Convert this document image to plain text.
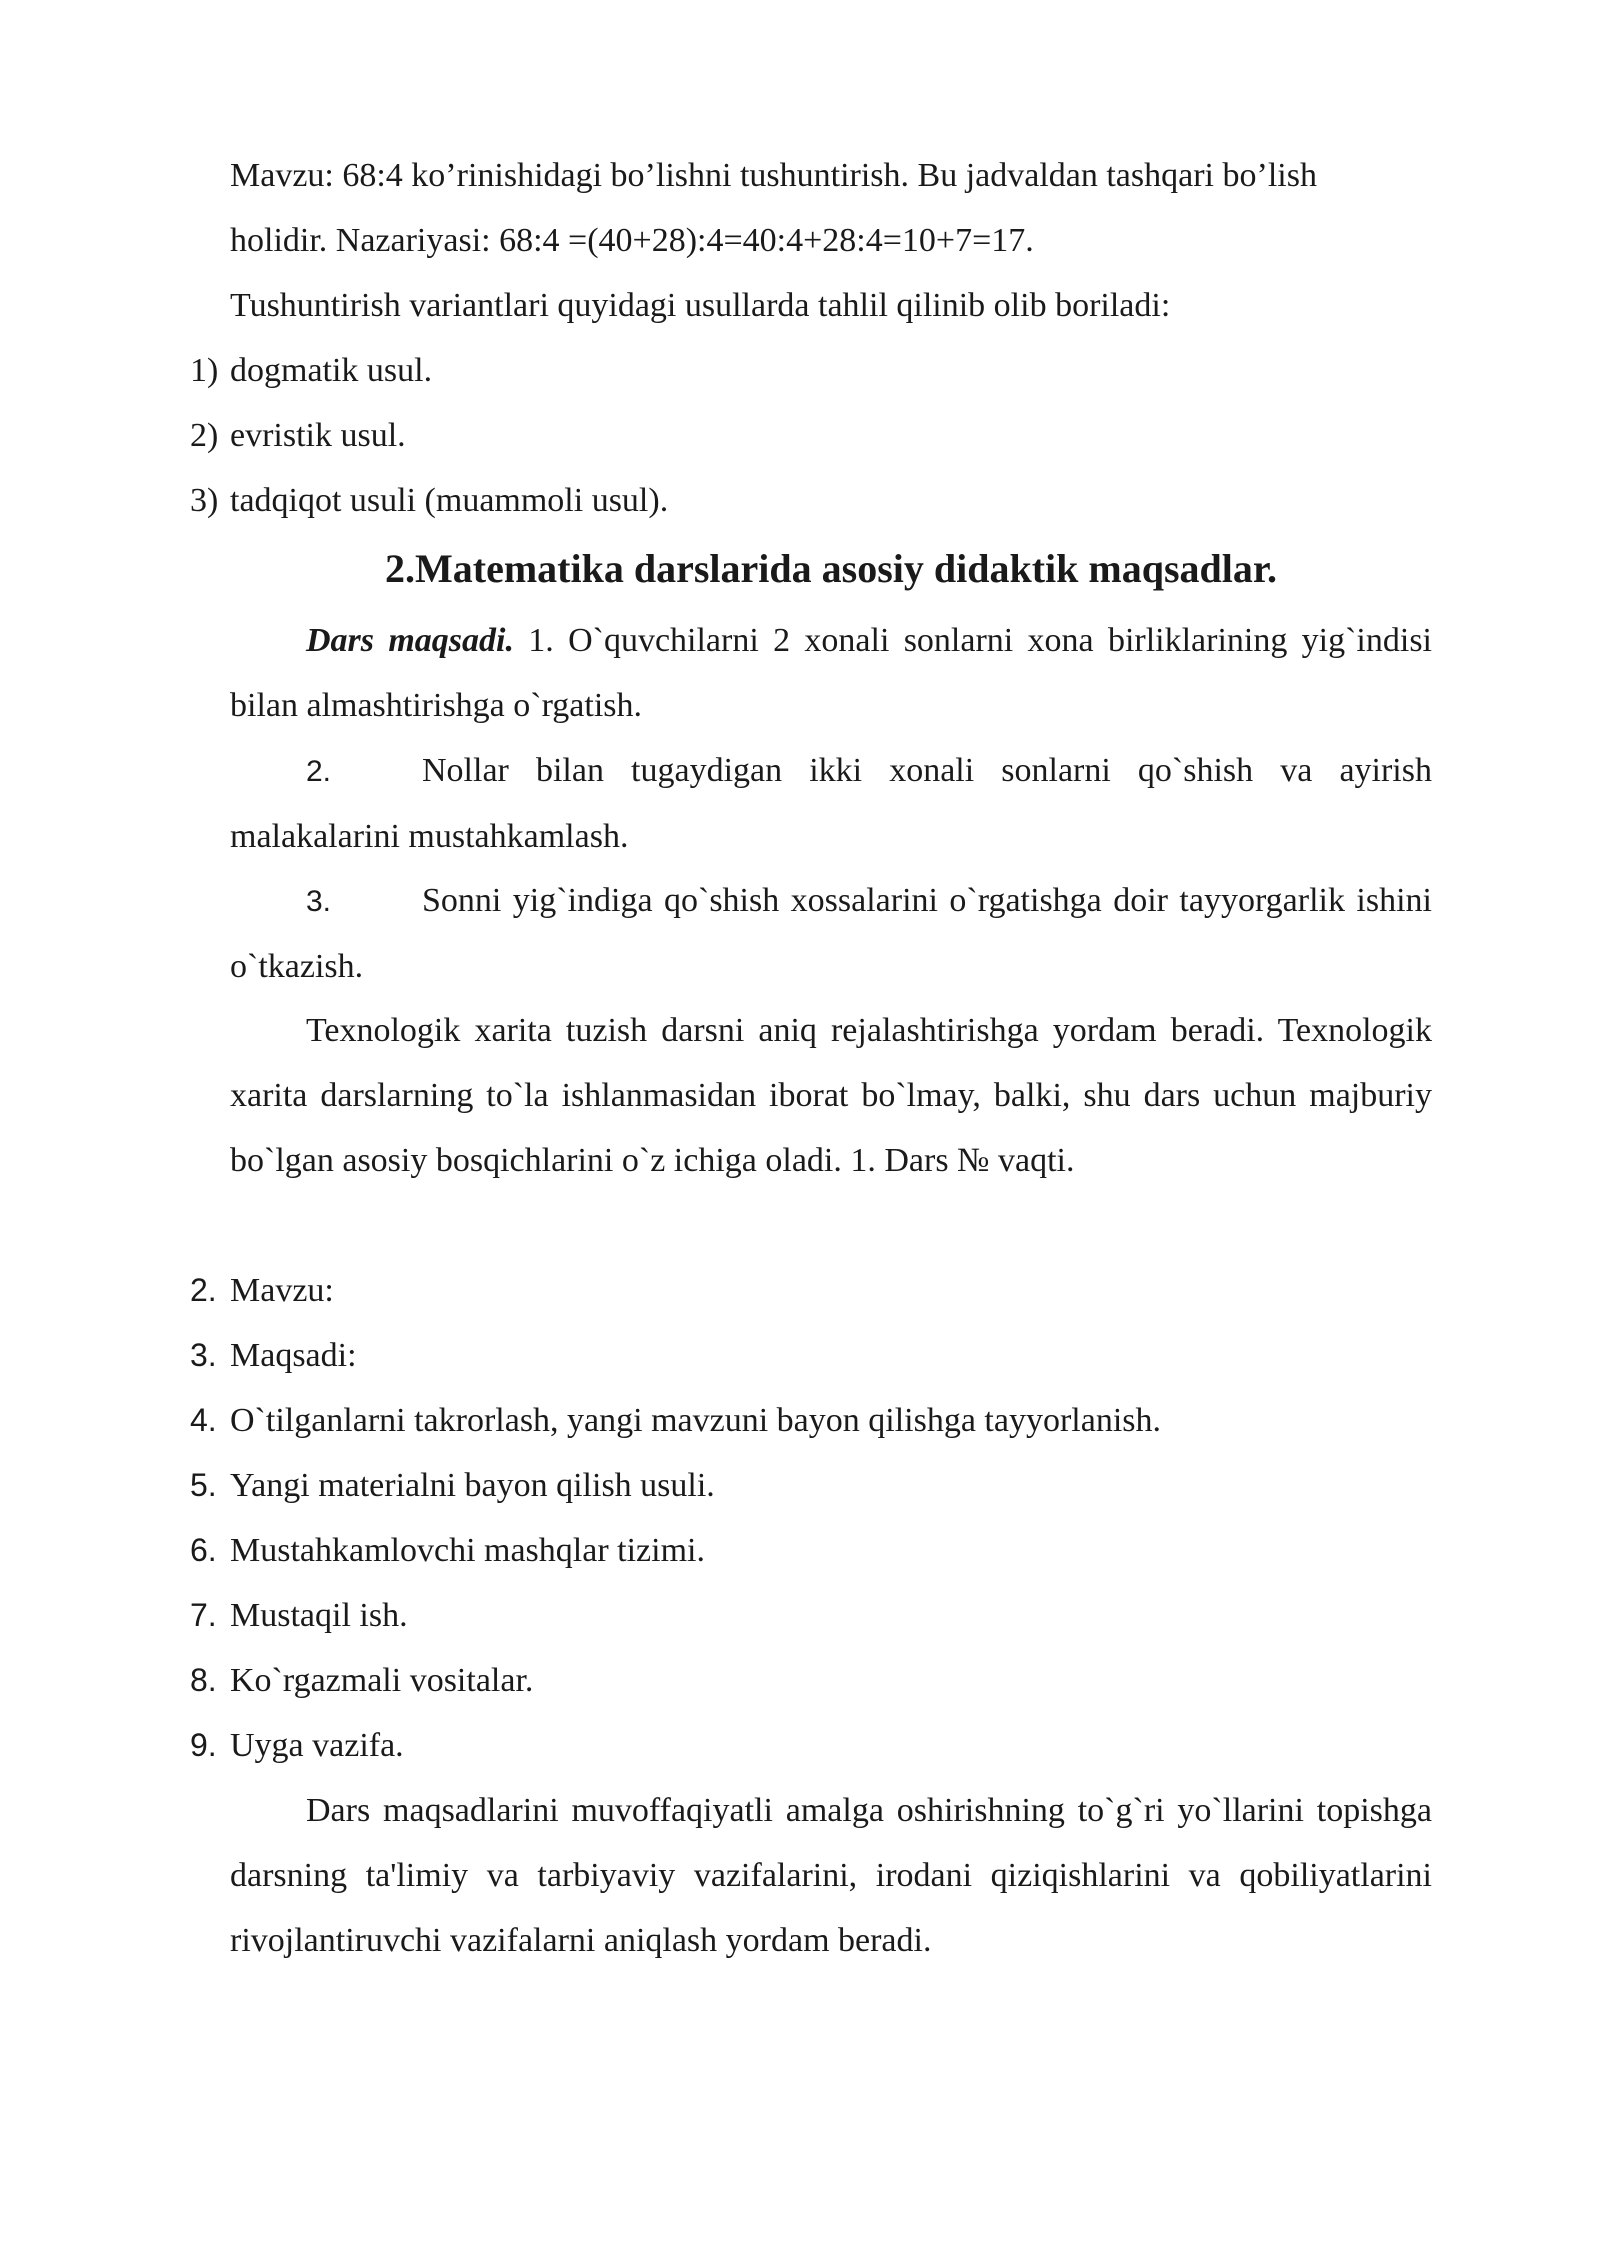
Mavzu: 68:4 ko’rinishidagi bo’lishni tushuntirish. Bu jadvaldan tashqari bo’lish
holidir. Nazariyasi: 68:4 =(40+28):4=40:4+28:4=10+7=17.
Tushuntirish variantlari quyidagi usullarda tahlil qilinib olib boriladi:
1) dogmatik usul.
2) evristik usul.
3) tadqiqot usuli (muammoli usul).
2.Matematika darslarida asosiy didaktik maqsadlar.

Dars maqsadi. 1. O`quvchilarni 2 xonali sonlarni xona birliklarining yig`indisi bilan almashtirishga o`rgatish.

2.	Nollar bilan tugaydigan ikki xonali sonlarni qo`shish va ayirish malakalarini mustahkamlash.

3.	Sonni yig`indiga qo`shish xossalarini o`rgatishga doir tayyorgarlik ishini o`tkazish.

Texnologik xarita tuzish darsni aniq rejalashtirishga yordam beradi. Texnologik xarita darslarning to`la ishlanmasidan iborat bo`lmay, balki, shu dars uchun majburiy bo`lgan asosiy bosqichlarini o`z ichiga oladi. 1. Dars № vaqti.

2. Mavzu:
3. Maqsadi:
4. O`tilganlarni takrorlash, yangi mavzuni bayon qilishga tayyorlanish.
5. Yangi materialni bayon qilish usuli.
6. Mustahkamlovchi mashqlar tizimi.
7. Mustaqil ish.
8. Ko`rgazmali vositalar.
9. Uyga vazifa.

Dars maqsadlarini muvoffaqiyatli amalga oshirishning to`g`ri yo`llarini topishga darsning ta'limiy va tarbiyaviy vazifalarini, irodani qiziqishlarini va qobiliyatlarini rivojlantiruvchi vazifalarni aniqlash yordam beradi.
